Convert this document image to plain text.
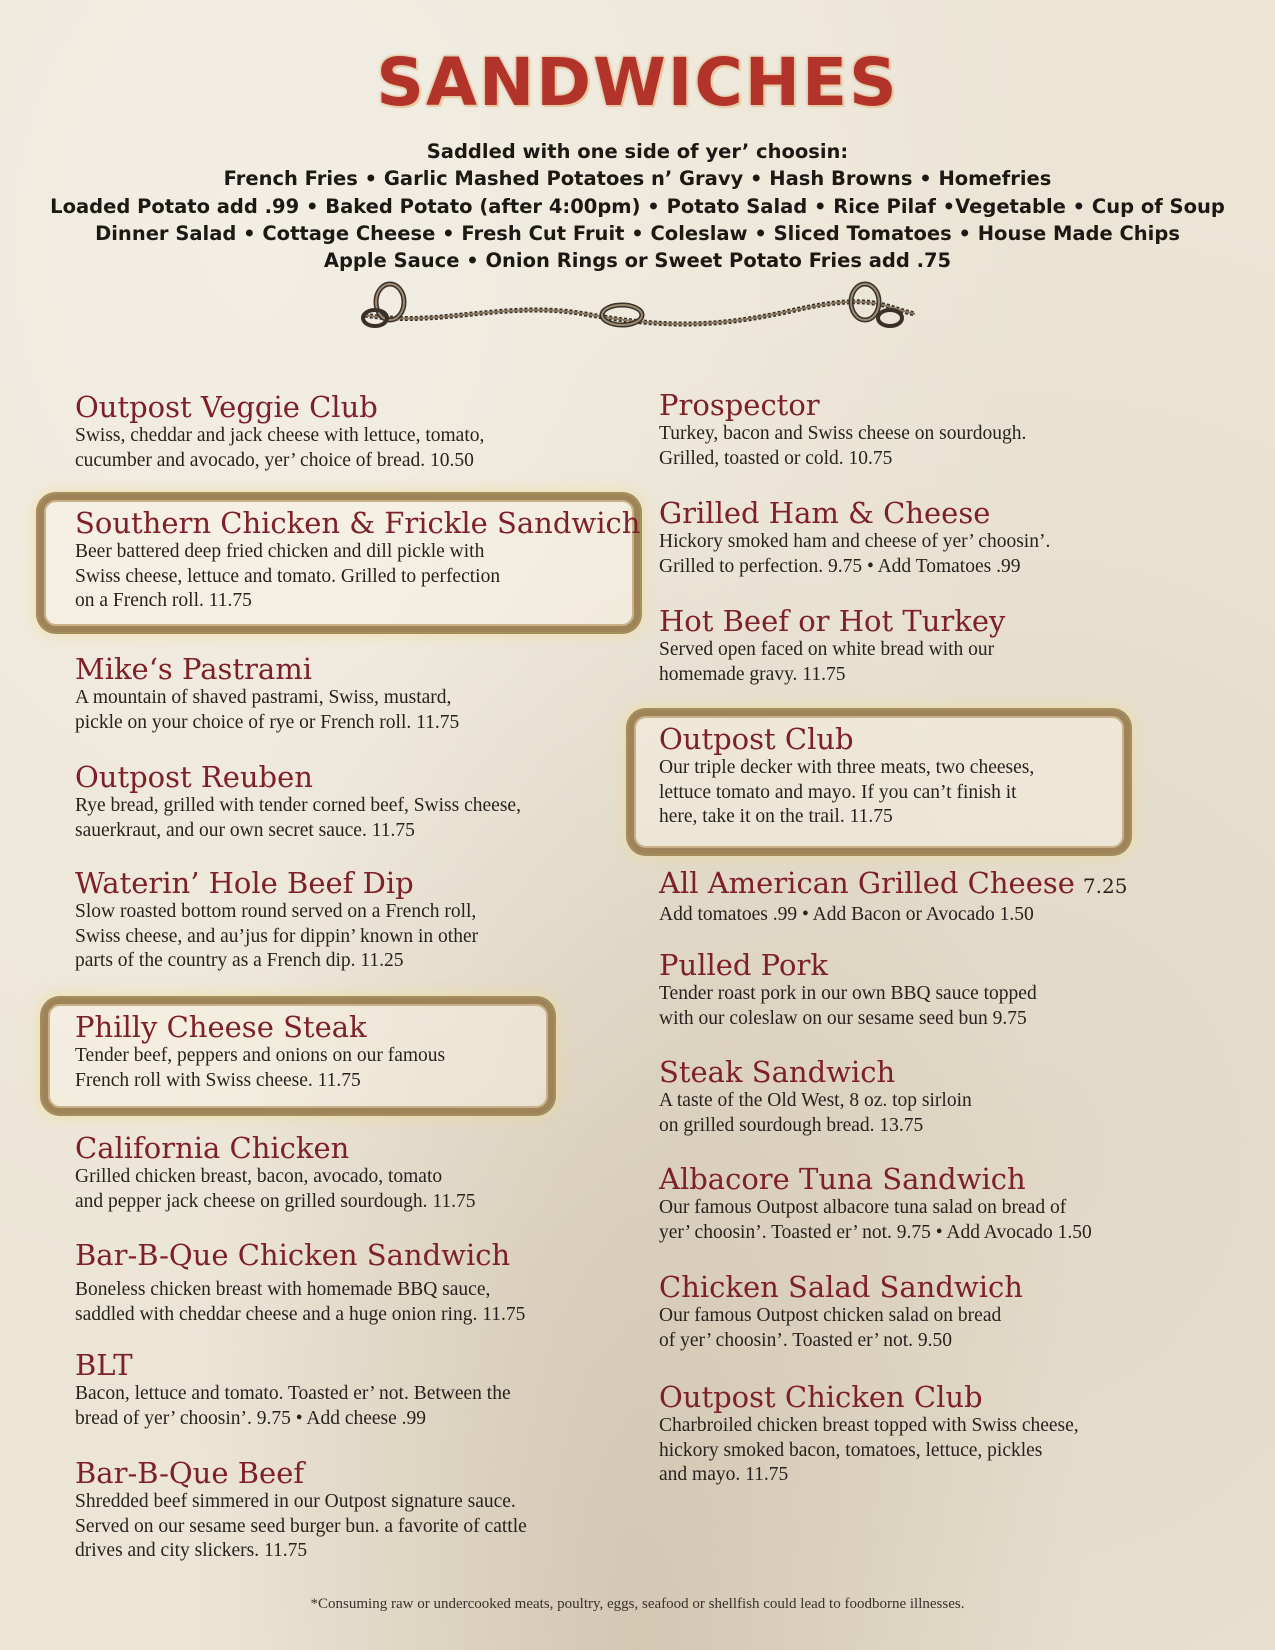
SANDWICHES
Saddled with one side of yer’ choosin:
French Fries • Garlic Mashed Potatoes n’ Gravy • Hash Browns • Homefries
Loaded Potato add .99 • Baked Potato (after 4:00pm) • Potato Salad • Rice Pilaf •Vegetable • Cup of Soup
Dinner Salad • Cottage Cheese • Fresh Cut Fruit • Coleslaw • Sliced Tomatoes • House Made Chips
Apple Sauce • Onion Rings or Sweet Potato Fries add .75
Outpost Veggie Club

Swiss, cheddar and jack cheese with lettuce, tomato,

cucumber and avocado, yer’ choice of bread. 10.50

Southern Chicken & Frickle Sandwich

Beer battered deep fried chicken and dill pickle with

Swiss cheese, lettuce and tomato. Grilled to perfection

on a French roll. 11.75

Mike‘s Pastrami

A mountain of shaved pastrami, Swiss, mustard,

pickle on your choice of rye or French roll. 11.75

Outpost Reuben

Rye bread, grilled with tender corned beef, Swiss cheese,

sauerkraut, and our own secret sauce. 11.75

Waterin’ Hole Beef Dip

Slow roasted bottom round served on a French roll,

Swiss cheese, and au’jus for dippin’ known in other

parts of the country as a French dip. 11.25

Philly Cheese Steak

Tender beef, peppers and onions on our famous

French roll with Swiss cheese. 11.75

California Chicken

Grilled chicken breast, bacon, avocado, tomato

and pepper jack cheese on grilled sourdough. 11.75

Bar-B-Que Chicken Sandwich

Boneless chicken breast with homemade BBQ sauce,

saddled with cheddar cheese and a huge onion ring. 11.75

BLT

Bacon, lettuce and tomato. Toasted er’ not. Between the

bread of yer’ choosin’. 9.75 • Add cheese .99

Bar-B-Que Beef

Shredded beef simmered in our Outpost signature sauce.

Served on our sesame seed burger bun. a favorite of cattle

drives and city slickers. 11.75

Prospector

Turkey, bacon and Swiss cheese on sourdough.

Grilled, toasted or cold. 10.75

Grilled Ham & Cheese

Hickory smoked ham and cheese of yer’ choosin’.

Grilled to perfection. 9.75 • Add Tomatoes .99

Hot Beef or Hot Turkey

Served open faced on white bread with our

homemade gravy. 11.75

Outpost Club

Our triple decker with three meats, two cheeses,

lettuce tomato and mayo. If you can’t finish it

here, take it on the trail. 11.75

All American Grilled Cheese 7.25

Add tomatoes .99 • Add Bacon or Avocado 1.50

Pulled Pork

Tender roast pork in our own BBQ sauce topped

with our coleslaw on our sesame seed bun 9.75

Steak Sandwich

A taste of the Old West, 8 oz. top sirloin

on grilled sourdough bread. 13.75

Albacore Tuna Sandwich

Our famous Outpost albacore tuna salad on bread of

yer’ choosin’. Toasted er’ not. 9.75 • Add Avocado 1.50

Chicken Salad Sandwich

Our famous Outpost chicken salad on bread

of yer’ choosin’. Toasted er’ not. 9.50

Outpost Chicken Club

Charbroiled chicken breast topped with Swiss cheese,

hickory smoked bacon, tomatoes, lettuce, pickles

and mayo. 11.75

*Consuming raw or undercooked meats, poultry, eggs, seafood or shellfish could lead to foodborne illnesses.
